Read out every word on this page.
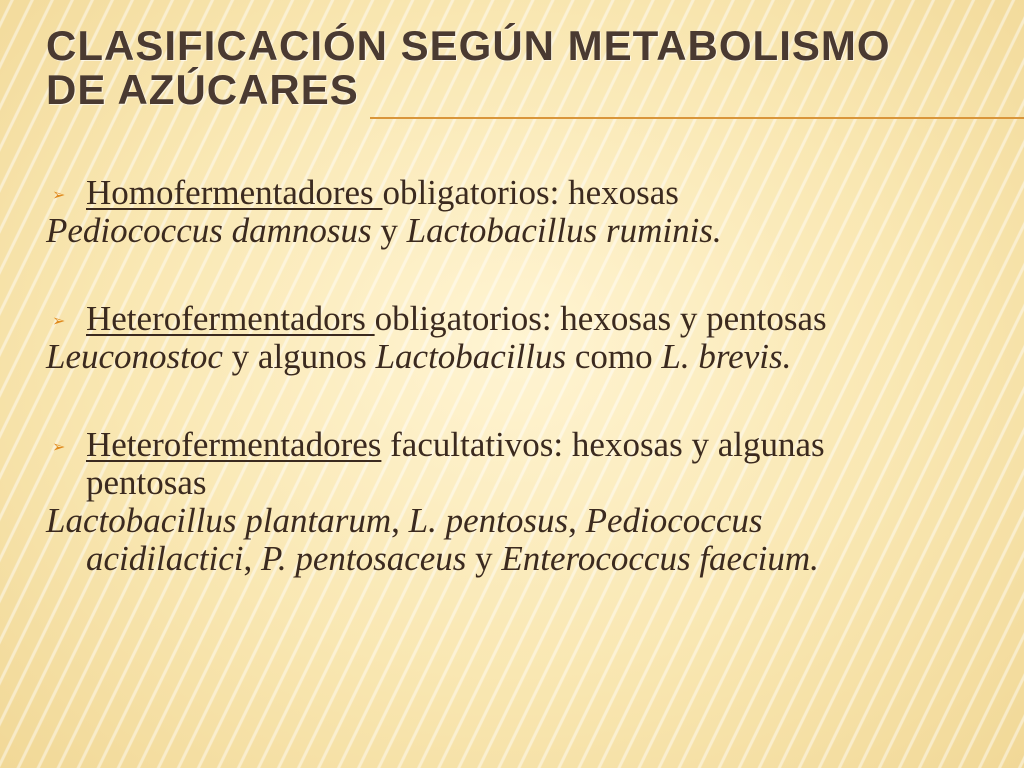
CLASIFICACIÓN SEGÚN METABOLISMO
DE AZÚCARES
➢ Homofermentadores obligatorios: hexosas
Pediococcus damnosus y Lactobacillus ruminis.
➢ Heterofermentadors obligatorios: hexosas y pentosas
Leuconostoc y algunos Lactobacillus como L. brevis.
➢ Heterofermentadores facultativos: hexosas y algunas
pentosas
Lactobacillus plantarum, L. pentosus, Pediococcus
acidilactici, P. pentosaceus y Enterococcus faecium.
